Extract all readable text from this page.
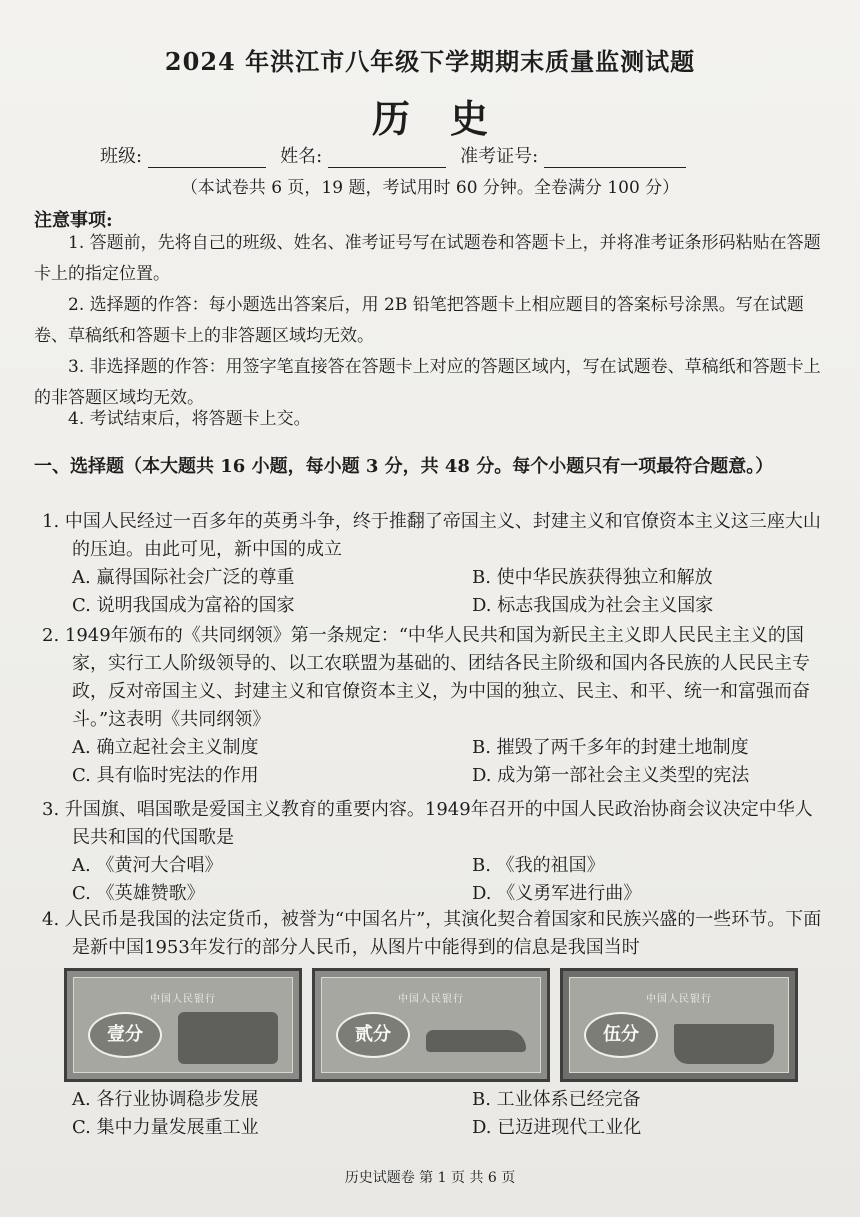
2024 年洪江市八年级下学期期末质量监测试题
历史
班级:	姓名:	准考证号:
（本试卷共 6 页，19 题，考试用时 60 分钟。全卷满分 100 分）
注意事项:

1. 答题前，先将自己的班级、姓名、准考证号写在试题卷和答题卡上，并将准考证条形码粘贴在答题卡上的指定位置。

2. 选择题的作答：每小题选出答案后，用 2B 铅笔把答题卡上相应题目的答案标号涂黑。写在试题卷、草稿纸和答题卡上的非答题区域均无效。

3. 非选择题的作答：用签字笔直接答在答题卡上对应的答题区域内，写在试题卷、草稿纸和答题卡上的非答题区域均无效。

4. 考试结束后，将答题卡上交。

一、选择题（本大题共 16 小题，每小题 3 分，共 48 分。每个小题只有一项最符合题意。）
1. 中国人民经过一百多年的英勇斗争，终于推翻了帝国主义、封建主义和官僚资本主义这三座大山的压迫。由此可见，新中国的成立
A. 赢得国际社会广泛的尊重	B. 使中华民族获得独立和解放
C. 说明我国成为富裕的国家	D. 标志我国成为社会主义国家
2. 1949年颁布的《共同纲领》第一条规定：“中华人民共和国为新民主主义即人民民主主义的国家，实行工人阶级领导的、以工农联盟为基础的、团结各民主阶级和国内各民族的人民民主专政，反对帝国主义、封建主义和官僚资本主义，为中国的独立、民主、和平、统一和富强而奋斗。”这表明《共同纲领》
A. 确立起社会主义制度	B. 摧毁了两千多年的封建土地制度
C. 具有临时宪法的作用	D. 成为第一部社会主义类型的宪法
3. 升国旗、唱国歌是爱国主义教育的重要内容。1949年召开的中国人民政治协商会议决定中华人民共和国的代国歌是
A. 《黄河大合唱》	B. 《我的祖国》
C. 《英雄赞歌》	D. 《义勇军进行曲》
4. 人民币是我国的法定货币，被誉为“中国名片”，其演化契合着国家和民族兴盛的一些环节。下面是新中国1953年发行的部分人民币，从图片中能得到的信息是我国当时
中国人民银行
壹分
中国人民银行
贰分
中国人民银行
伍分
A. 各行业协调稳步发展	B. 工业体系已经完备
C. 集中力量发展重工业	D. 已迈进现代工业化
历史试题卷 第 1 页 共 6 页
